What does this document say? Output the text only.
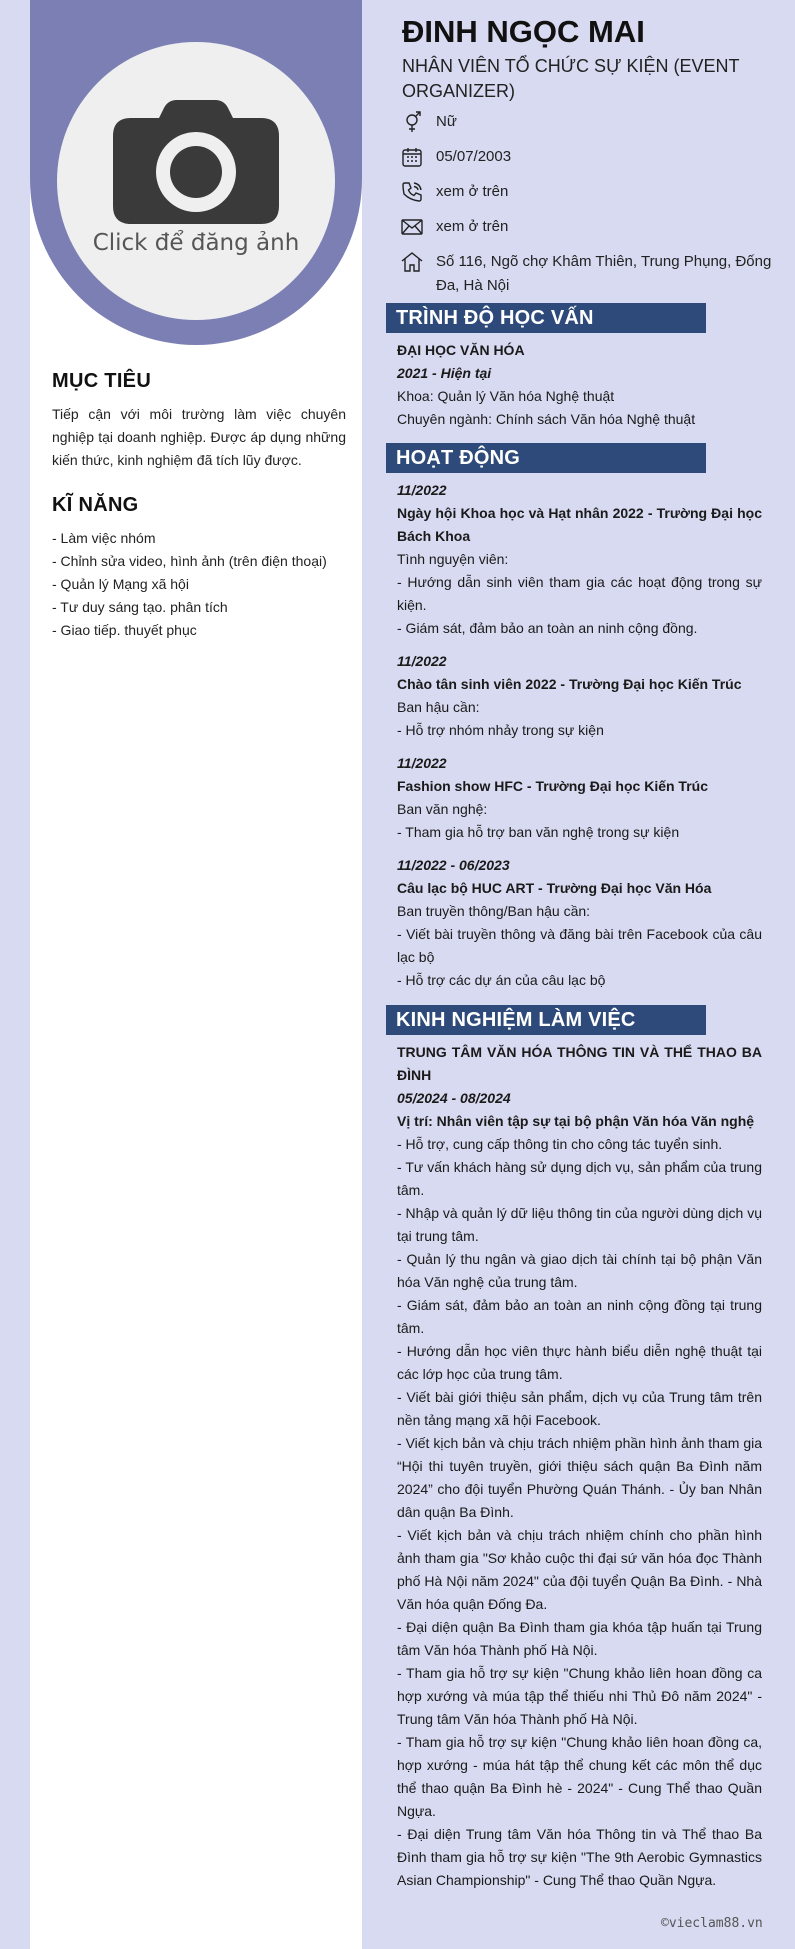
Click để đăng ảnh
MỤC TIÊU
Tiếp cận với môi trường làm việc chuyên nghiệp tại doanh nghiệp. Được áp dụng những kiến thức, kinh nghiệm đã tích lũy được.
KĨ NĂNG
- Làm việc nhóm
- Chỉnh sửa video, hình ảnh (trên điện thoại)
- Quản lý Mạng xã hội
- Tư duy sáng tạo. phân tích
- Giao tiếp. thuyết phục
ĐINH NGỌC MAI
NHÂN VIÊN TỔ CHỨC SỰ KIỆN (EVENT ORGANIZER)
Nữ
05/07/2003
xem ở trên
xem ở trên
Số 116, Ngõ chợ Khâm Thiên, Trung Phụng, Đống Đa, Hà Nội
TRÌNH ĐỘ HỌC VẤN
ĐẠI HỌC VĂN HÓA
2021 - Hiện tại
Khoa: Quản lý Văn hóa Nghệ thuật
Chuyên ngành: Chính sách Văn hóa Nghệ thuật
HOẠT ĐỘNG
11/2022
Ngày hội Khoa học và Hạt nhân 2022 - Trường Đại học Bách Khoa
Tình nguyện viên:
- Hướng dẫn sinh viên tham gia các hoạt động trong sự kiện.
- Giám sát, đảm bảo an toàn an ninh cộng đồng.
11/2022
Chào tân sinh viên 2022 - Trường Đại học Kiến Trúc
Ban hậu cần:
- Hỗ trợ nhóm nhảy trong sự kiện
11/2022
Fashion show HFC - Trường Đại học Kiến Trúc
Ban văn nghệ:
- Tham gia hỗ trợ ban văn nghệ trong sự kiện
11/2022 - 06/2023
Câu lạc bộ HUC ART - Trường Đại học Văn Hóa
Ban truyền thông/Ban hậu cần:
- Viết bài truyền thông và đăng bài trên Facebook của câu lạc bộ
- Hỗ trợ các dự án của câu lạc bộ
KINH NGHIỆM LÀM VIỆC
TRUNG TÂM VĂN HÓA THÔNG TIN VÀ THỂ THAO BA ĐÌNH
05/2024 - 08/2024
Vị trí: Nhân viên tập sự tại bộ phận Văn hóa Văn nghệ
- Hỗ trợ, cung cấp thông tin cho công tác tuyển sinh.
- Tư vấn khách hàng sử dụng dịch vụ, sản phẩm của trung tâm.
- Nhập và quản lý dữ liệu thông tin của người dùng dịch vụ tại trung tâm.
- Quản lý thu ngân và giao dịch tài chính tại bộ phận Văn hóa Văn nghệ của trung tâm.
- Giám sát, đảm bảo an toàn an ninh cộng đồng tại trung tâm.
- Hướng dẫn học viên thực hành biểu diễn nghệ thuật tại các lớp học của trung tâm.
- Viết bài giới thiệu sản phẩm, dịch vụ của Trung tâm trên nền tảng mạng xã hội Facebook.
- Viết kịch bản và chịu trách nhiệm phần hình ảnh tham gia “Hội thi tuyên truyền, giới thiệu sách quận Ba Đình năm 2024” cho đội tuyển Phường Quán Thánh. - Ủy ban Nhân dân quận Ba Đình.
- Viết kịch bản và chịu trách nhiệm chính cho phần hình ảnh tham gia "Sơ khảo cuộc thi đại sứ văn hóa đọc Thành phố Hà Nội năm 2024" của đội tuyển Quận Ba Đình. - Nhà Văn hóa quận Đống Đa.
- Đại diện quận Ba Đình tham gia khóa tập huấn tại Trung tâm Văn hóa Thành phố Hà Nội.
- Tham gia hỗ trợ sự kiện "Chung khảo liên hoan đồng ca hợp xướng và múa tập thể thiếu nhi Thủ Đô năm 2024" - Trung tâm Văn hóa Thành phố Hà Nội.
- Tham gia hỗ trợ sự kiện "Chung khảo liên hoan đồng ca, hợp xướng - múa hát tập thể chung kết các môn thể dục thể thao quận Ba Đình hè - 2024" - Cung Thể thao Quần Ngựa.
- Đại diện Trung tâm Văn hóa Thông tin và Thể thao Ba Đình tham gia hỗ trợ sự kiện "The 9th Aerobic Gymnastics Asian Championship" - Cung Thể thao Quần Ngựa.
©vieclam88.vn
